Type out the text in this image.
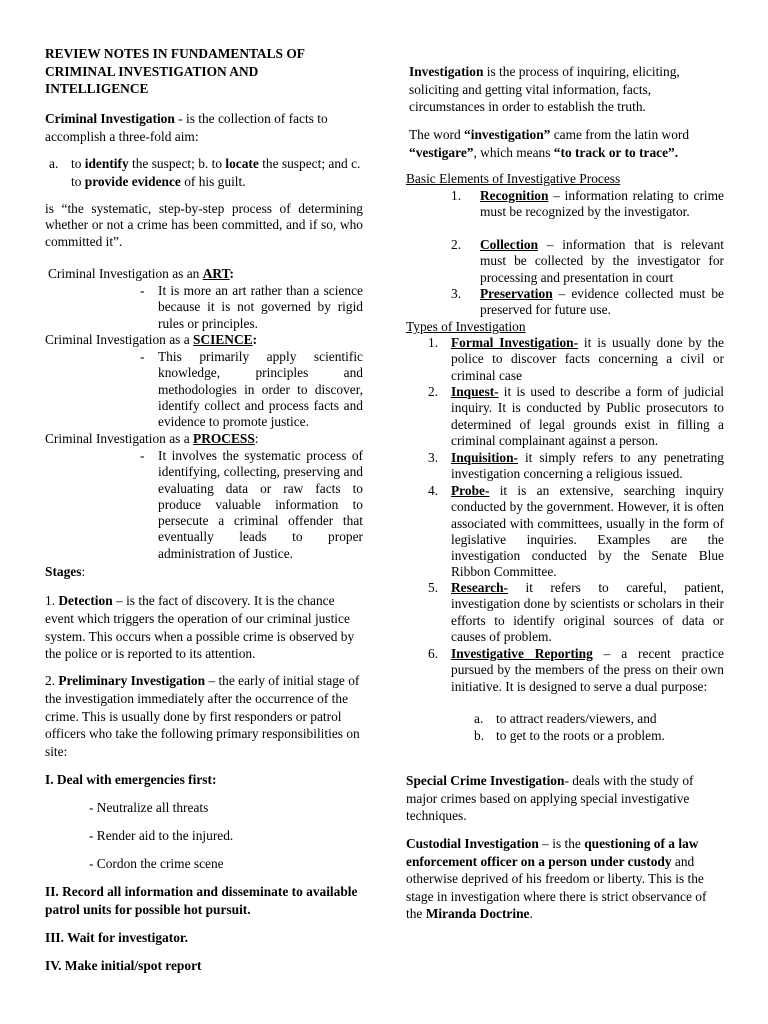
REVIEW NOTES IN FUNDAMENTALS OF CRIMINAL INVESTIGATION AND INTELLIGENCE
Criminal Investigation - is the collection of facts to accomplish a three-fold aim:
a. to identify the suspect; b. to locate the suspect; and c. to provide evidence of his guilt.
is “the systematic, step-by-step process of determining whether or not a crime has been committed, and if so, who committed it”.
Criminal Investigation as an ART:
- It is more an art rather than a science because it is not governed by rigid rules or principles.
Criminal Investigation as a SCIENCE:
- This primarily apply scientific knowledge, principles and methodologies in order to discover, identify collect and process facts and evidence to promote justice.
Criminal Investigation as a PROCESS:
- It involves the systematic process of identifying, collecting, preserving and evaluating data or raw facts to produce valuable information to persecute a criminal offender that eventually leads to proper administration of Justice.
Stages:
1. Detection – is the fact of discovery. It is the chance event which triggers the operation of our criminal justice system. This occurs when a possible crime is observed by the police or is reported to its attention.
2. Preliminary Investigation – the early of initial stage of the investigation immediately after the occurrence of the crime. This is usually done by first responders or patrol officers who take the following primary responsibilities on site:
I. Deal with emergencies first:
- Neutralize all threats
- Render aid to the injured.
- Cordon the crime scene
II. Record all information and disseminate to available patrol units for possible hot pursuit.
III. Wait for investigator.
IV. Make initial/spot report
Investigation is the process of inquiring, eliciting, soliciting and getting vital information, facts, circumstances in order to establish the truth.
The word “investigation” came from the latin word “vestigare”, which means “to track or to trace”.
Basic Elements of Investigative Process
1. Recognition – information relating to crime must be recognized by the investigator.
2. Collection – information that is relevant must be collected by the investigator for processing and presentation in court
3. Preservation – evidence collected must be preserved for future use.
Types of Investigation
1. Formal Investigation- it is usually done by the police to discover facts concerning a civil or criminal case
2. Inquest- it is used to describe a form of judicial inquiry. It is conducted by Public prosecutors to determined of legal grounds exist in filling a criminal complainant against a person.
3. Inquisition- it simply refers to any penetrating investigation concerning a religious issued.
4. Probe- it is an extensive, searching inquiry conducted by the government. However, it is often associated with committees, usually in the form of legislative inquiries. Examples are the investigation conducted by the Senate Blue Ribbon Committee.
5. Research- it refers to careful, patient, investigation done by scientists or scholars in their efforts to identify original sources of data or causes of problem.
6. Investigative Reporting – a recent practice pursued by the members of the press on their own initiative. It is designed to serve a dual purpose:
a. to attract readers/viewers, and
b. to get to the roots or a problem.
Special Crime Investigation- deals with the study of major crimes based on applying special investigative techniques.
Custodial Investigation – is the questioning of a law enforcement officer on a person under custody and otherwise deprived of his freedom or liberty. This is the stage in investigation where there is strict observance of the Miranda Doctrine.
